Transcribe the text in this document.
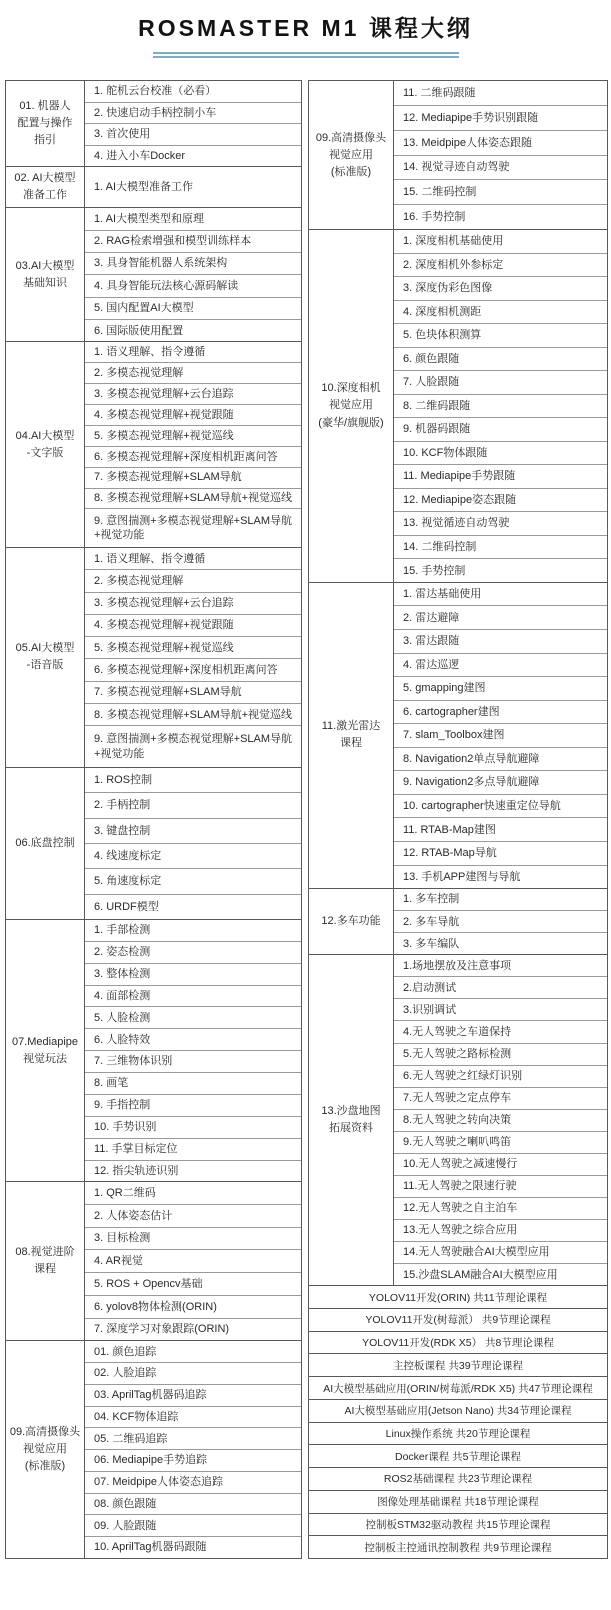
ROSMASTER M1 课程大纲
01. 机器人
配置与操作
指引
1. 舵机云台校准（必看）
2. 快速启动手柄控制小车
3. 首次使用
4. 进入小车Docker
02. AI大模型
准备工作
1. AI大模型准备工作
03.AI大模型
基础知识
1. AI大模型类型和原理
2. RAG检索增强和模型训练样本
3. 具身智能机器人系统架构
4. 具身智能玩法核心源码解读
5. 国内配置AI大模型
6. 国际版使用配置
04.AI大模型
-文字版
1. 语义理解、指令遵循
2. 多模态视觉理解
3. 多模态视觉理解+云台追踪
4. 多模态视觉理解+视觉跟随
5. 多模态视觉理解+视觉巡线
6. 多模态视觉理解+深度相机距离问答
7. 多模态视觉理解+SLAM导航
8. 多模态视觉理解+SLAM导航+视觉巡线
9. 意图揣测+多模态视觉理解+SLAM导航+视觉功能
05.AI大模型
-语音版
1. 语义理解、指令遵循
2. 多模态视觉理解
3. 多模态视觉理解+云台追踪
4. 多模态视觉理解+视觉跟随
5. 多模态视觉理解+视觉巡线
6. 多模态视觉理解+深度相机距离问答
7. 多模态视觉理解+SLAM导航
8. 多模态视觉理解+SLAM导航+视觉巡线
9. 意图揣测+多模态视觉理解+SLAM导航+视觉功能
06.底盘控制
1. ROS控制
2. 手柄控制
3. 键盘控制
4. 线速度标定
5. 角速度标定
6. URDF模型
07.Mediapipe
视觉玩法
1. 手部检测
2. 姿态检测
3. 整体检测
4. 面部检测
5. 人脸检测
6. 人脸特效
7. 三维物体识别
8. 画笔
9. 手指控制
10. 手势识别
11. 手掌目标定位
12. 指尖轨迹识别
08.视觉进阶
课程
1. QR二维码
2. 人体姿态估计
3. 目标检测
4. AR视觉
5. ROS + Opencv基础
6. yolov8物体检测(ORIN)
7. 深度学习对象跟踪(ORIN)
09.高清摄像头
视觉应用
(标准版)
01. 颜色追踪
02. 人脸追踪
03. AprilTag机器码追踪
04. KCF物体追踪
05. 二维码追踪
06. Mediapipe手势追踪
07. Meidpipe人体姿态追踪
08. 颜色跟随
09. 人脸跟随
10. AprilTag机器码跟随
09.高清摄像头
视觉应用
(标准版)
11. 二维码跟随
12. Mediapipe手势识别跟随
13. Meidpipe人体姿态跟随
14. 视觉寻迹自动驾驶
15. 二维码控制
16. 手势控制
10.深度相机
视觉应用
(豪华/旗舰版)
1. 深度相机基础使用
2. 深度相机外参标定
3. 深度伪彩色图像
4. 深度相机测距
5. 色块体积测算
6. 颜色跟随
7. 人脸跟随
8. 二维码跟随
9. 机器码跟随
10. KCF物体跟随
11. Mediapipe手势跟随
12. Mediapipe姿态跟随
13. 视觉循迹自动驾驶
14. 二维码控制
15. 手势控制
11.激光雷达
课程
1. 雷达基础使用
2. 雷达避障
3. 雷达跟随
4. 雷达巡逻
5. gmapping建图
6. cartographer建图
7. slam_Toolbox建图
8. Navigation2单点导航避障
9. Navigation2多点导航避障
10. cartographer快速重定位导航
11. RTAB-Map建图
12. RTAB-Map导航
13. 手机APP建图与导航
12.多车功能
1. 多车控制
2. 多车导航
3. 多车编队
13.沙盘地图
拓展资料
1.场地摆放及注意事项
2.启动测试
3.识别调试
4.无人驾驶之车道保持
5.无人驾驶之路标检测
6.无人驾驶之红绿灯识别
7.无人驾驶之定点停车
8.无人驾驶之转向决策
9.无人驾驶之喇叭鸣笛
10.无人驾驶之减速慢行
11.无人驾驶之限速行驶
12.无人驾驶之自主泊车
13.无人驾驶之综合应用
14.无人驾驶融合AI大模型应用
15.沙盘SLAM融合AI大模型应用
YOLOV11开发(ORIN) 共11节理论课程
YOLOV11开发(树莓派） 共9节理论课程
YOLOV11开发(RDK X5） 共8节理论课程
主控板课程 共39节理论课程
AI大模型基础应用(ORIN/树莓派/RDK X5) 共47节理论课程
AI大模型基础应用(Jetson Nano) 共34节理论课程
Linux操作系统 共20节理论课程
Docker课程 共5节理论课程
ROS2基础课程 共23节理论课程
图像处理基础课程 共18节理论课程
控制板STM32驱动教程 共15节理论课程
控制板主控通讯控制教程 共9节理论课程
